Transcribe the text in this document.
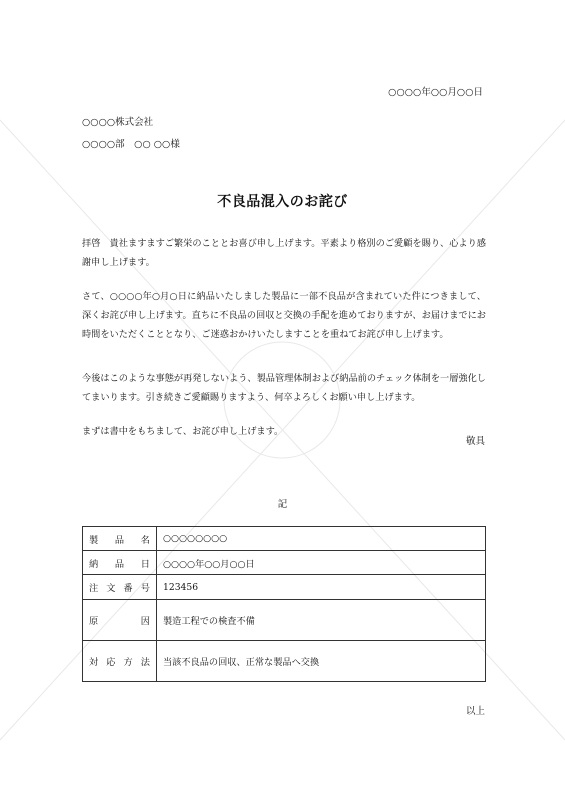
○○○○年○○月○○日
○○○○株式会社
○○○○部　○○ ○○様
不良品混入のお詫び
拝啓　貴社ますますご繁栄のこととお喜び申し上げます。平素より格別のご愛顧を賜り、心より感謝申し上げます。
さて、○○○○年○月○日に納品いたしました製品に一部不良品が含まれていた件につきまして、深くお詫び申し上げます。直ちに不良品の回収と交換の手配を進めておりますが、お届けまでにお時間をいただくこととなり、ご迷惑おかけいたしますことを重ねてお詫び申し上げます。
今後はこのような事態が再発しないよう、製品管理体制および納品前のチェック体制を一層強化してまいります。引き続きご愛顧賜りますよう、何卒よろしくお願い申し上げます。
まずは書中をもちまして、お詫び申し上げます。
敬具
記
製品名	○○○○○○○○
納品日	○○○○年○○月○○日
注文番号	123456
原因	製造工程での検査不備
対応方法	当該不良品の回収、正常な製品へ交換
以上
